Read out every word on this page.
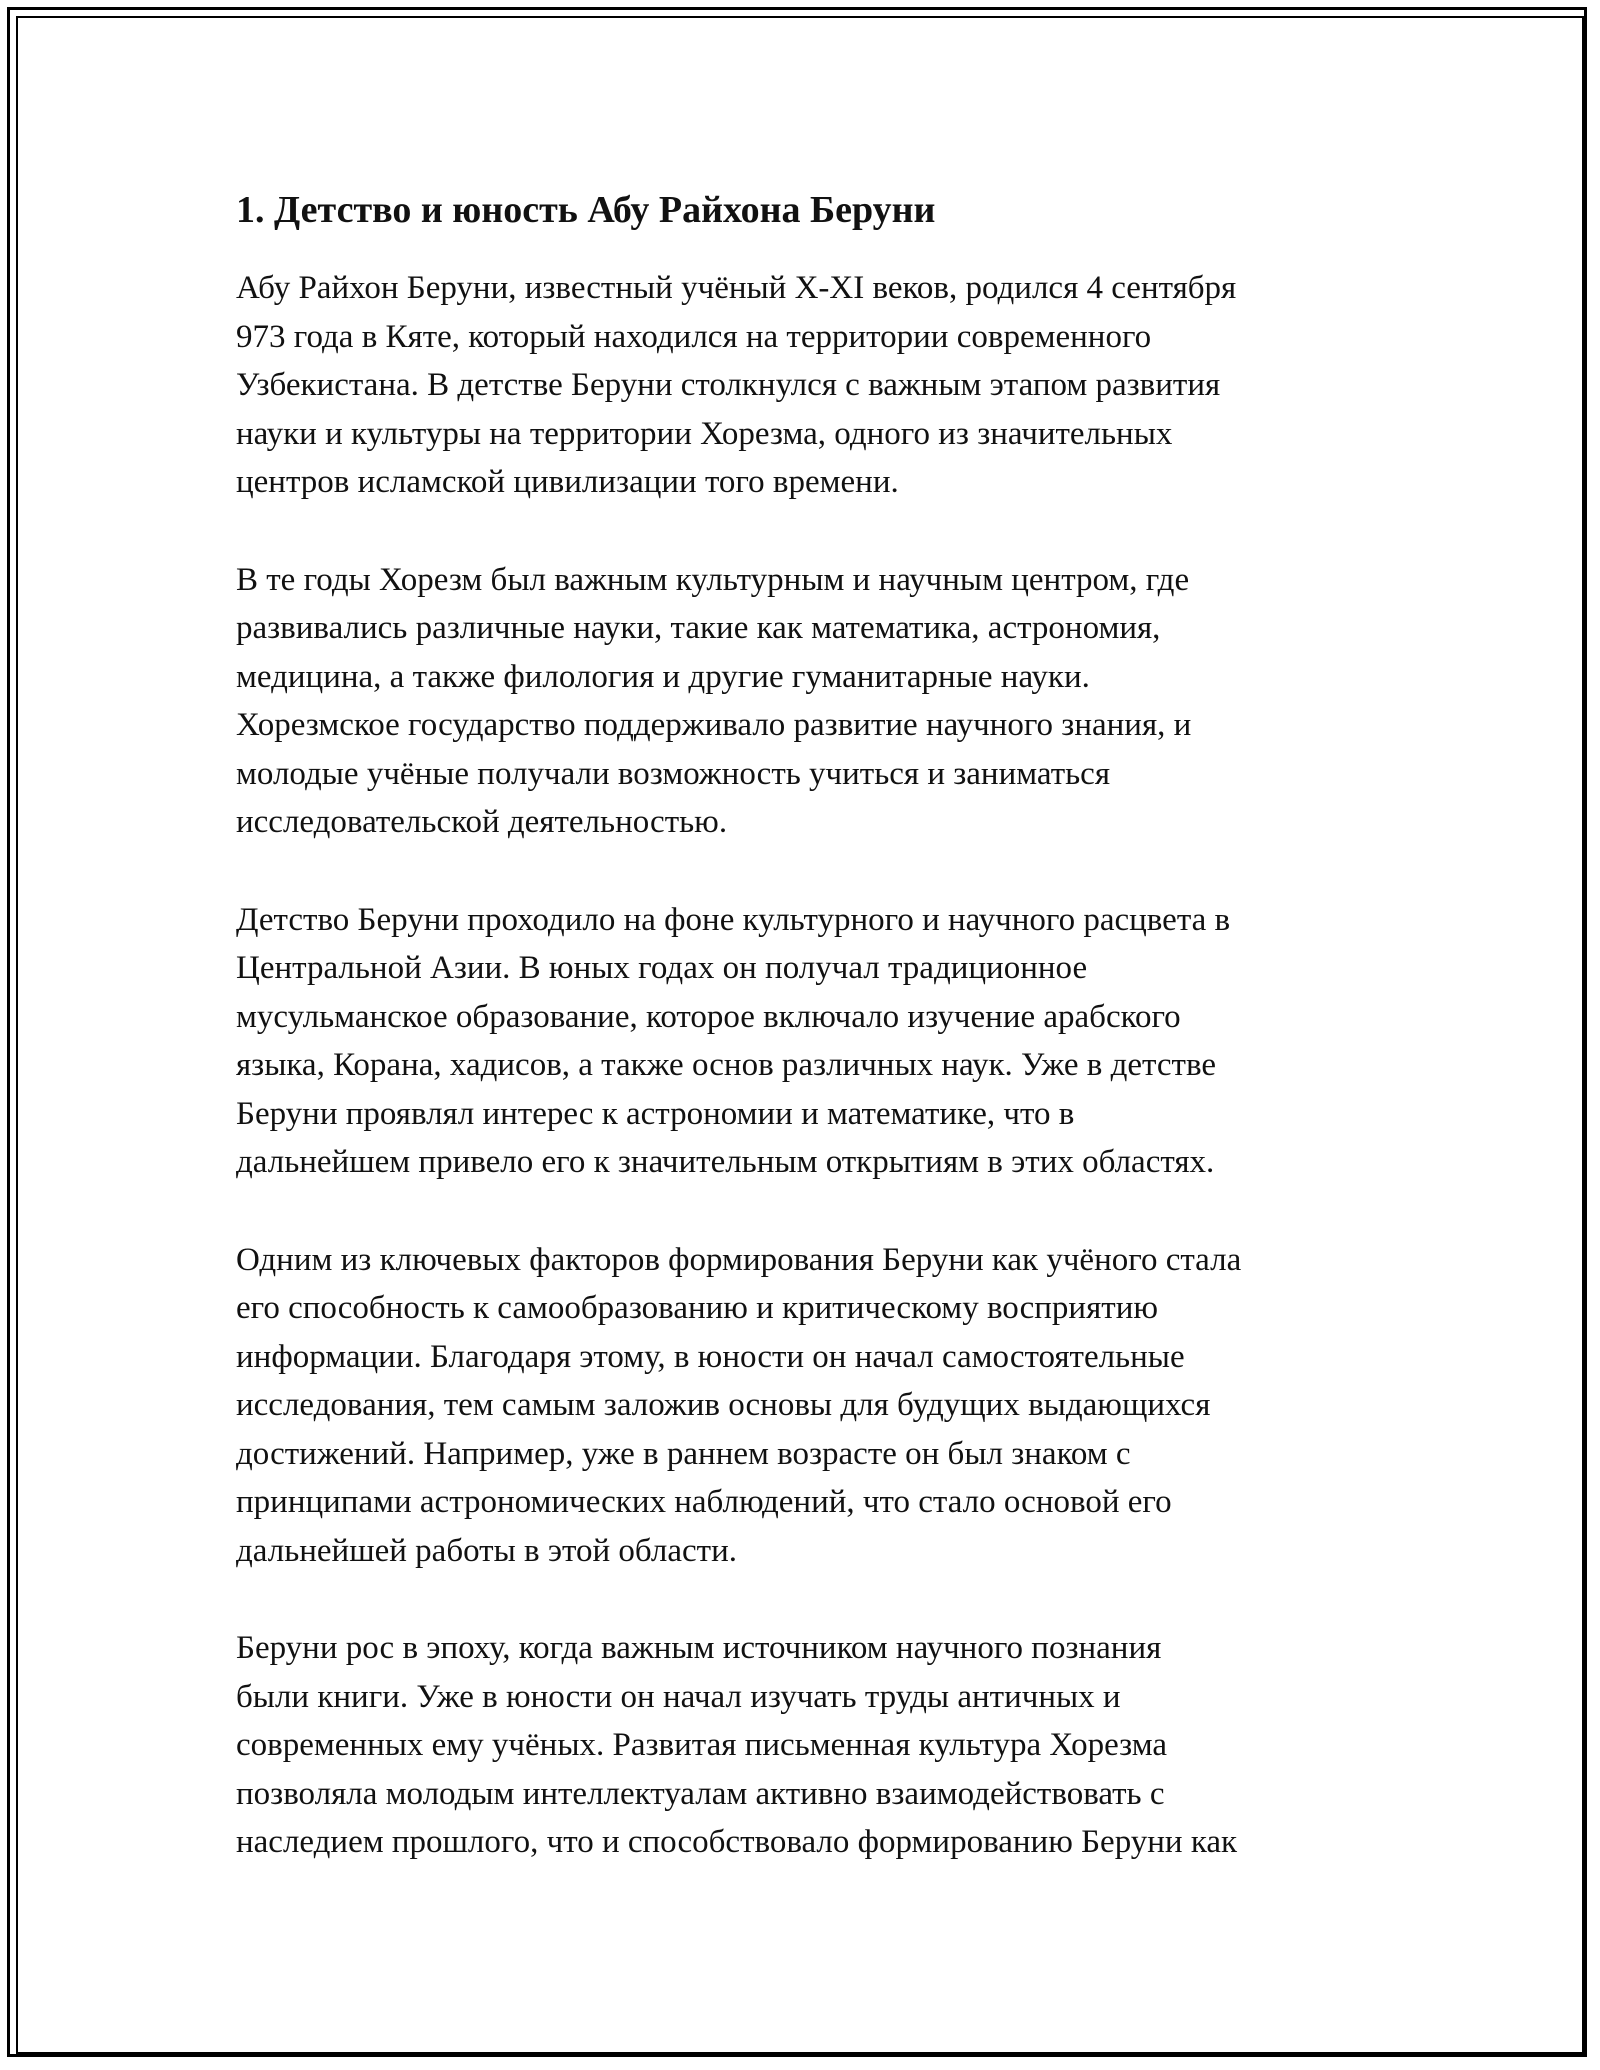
1. Детство и юность Абу Райхона Беруни

Абу Райхон Беруни, известный учёный X-XI веков, родился 4 сентября
973 года в Кяте, который находился на территории современного
Узбекистана. В детстве Беруни столкнулся с важным этапом развития
науки и культуры на территории Хорезма, одного из значительных
центров исламской цивилизации того времени.

В те годы Хорезм был важным культурным и научным центром, где
развивались различные науки, такие как математика, астрономия,
медицина, а также филология и другие гуманитарные науки.
Хорезмское государство поддерживало развитие научного знания, и
молодые учёные получали возможность учиться и заниматься
исследовательской деятельностью.

Детство Беруни проходило на фоне культурного и научного расцвета в
Центральной Азии. В юных годах он получал традиционное
мусульманское образование, которое включало изучение арабского
языка, Корана, хадисов, а также основ различных наук. Уже в детстве
Беруни проявлял интерес к астрономии и математике, что в
дальнейшем привело его к значительным открытиям в этих областях.

Одним из ключевых факторов формирования Беруни как учёного стала
его способность к самообразованию и критическому восприятию
информации. Благодаря этому, в юности он начал самостоятельные
исследования, тем самым заложив основы для будущих выдающихся
достижений. Например, уже в раннем возрасте он был знаком с
принципами астрономических наблюдений, что стало основой его
дальнейшей работы в этой области.

Беруни рос в эпоху, когда важным источником научного познания
были книги. Уже в юности он начал изучать труды античных и
современных ему учёных. Развитая письменная культура Хорезма
позволяла молодым интеллектуалам активно взаимодействовать с
наследием прошлого, что и способствовало формированию Беруни как
